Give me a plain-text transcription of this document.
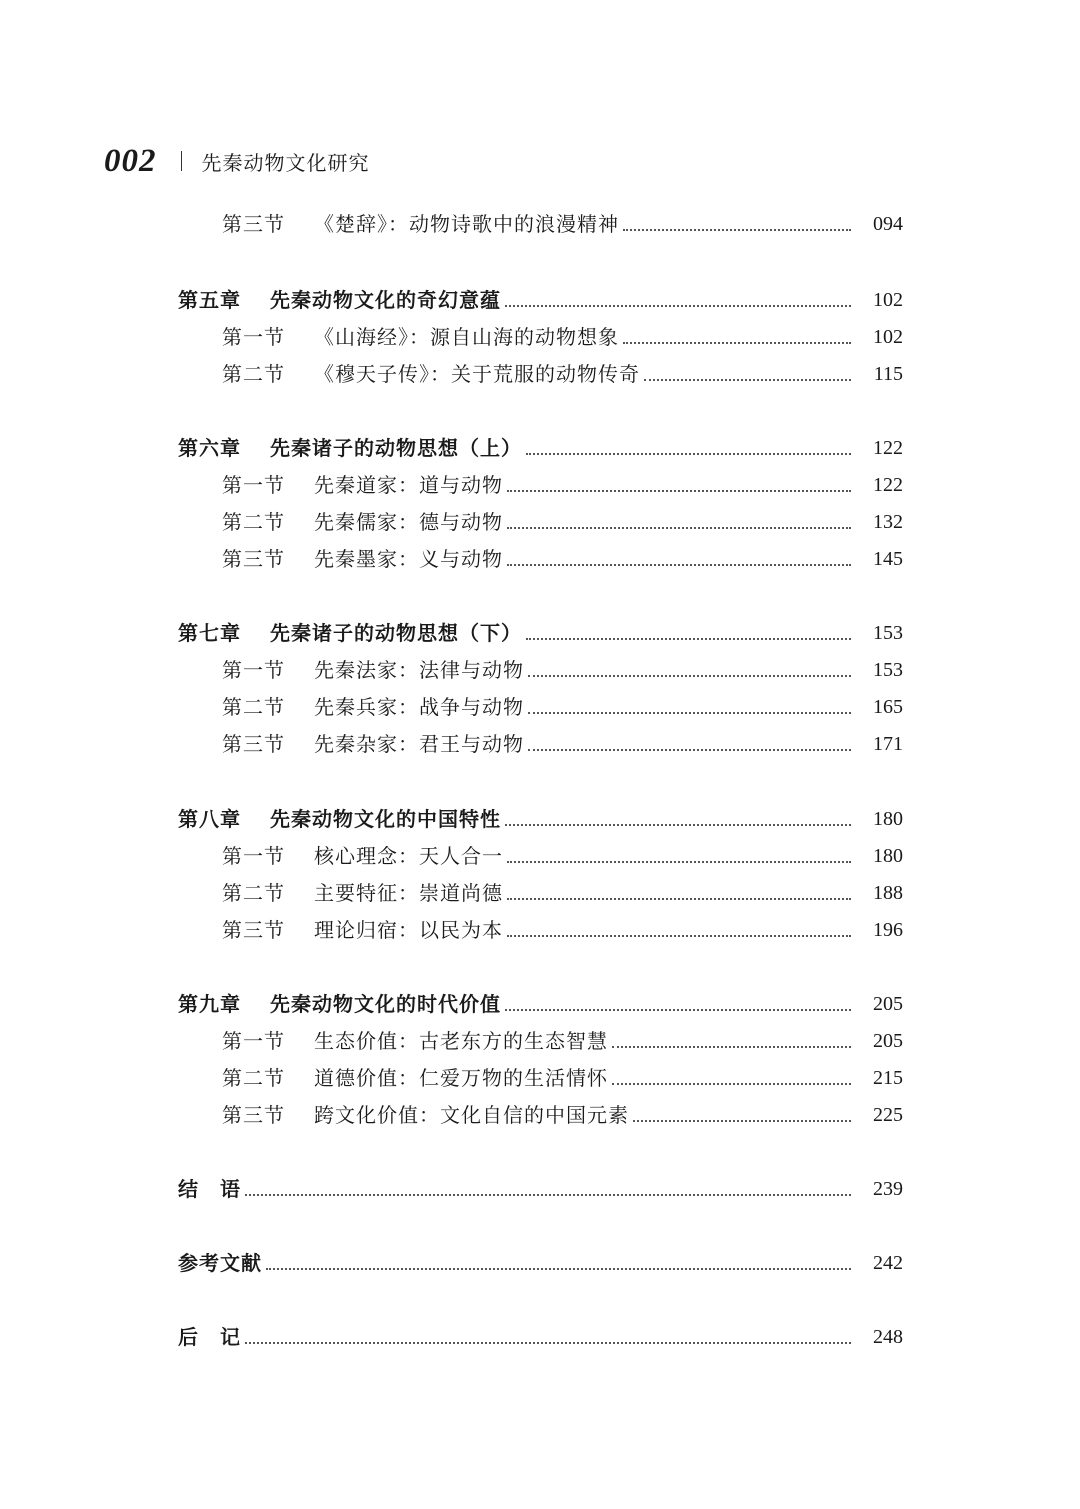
002 先秦动物文化研究
第三节	《楚辞》：动物诗歌中的浪漫精神	094
第五章	先秦动物文化的奇幻意蕴	102
第一节	《山海经》：源自山海的动物想象	102
第二节	《穆天子传》：关于荒服的动物传奇	115
第六章	先秦诸子的动物思想（上）	122
第一节	先秦道家：道与动物	122
第二节	先秦儒家：德与动物	132
第三节	先秦墨家：义与动物	145
第七章	先秦诸子的动物思想（下）	153
第一节	先秦法家：法律与动物	153
第二节	先秦兵家：战争与动物	165
第三节	先秦杂家：君王与动物	171
第八章	先秦动物文化的中国特性	180
第一节	核心理念：天人合一	180
第二节	主要特征：崇道尚德	188
第三节	理论归宿：以民为本	196
第九章	先秦动物文化的时代价值	205
第一节	生态价值：古老东方的生态智慧	205
第二节	道德价值：仁爱万物的生活情怀	215
第三节	跨文化价值：文化自信的中国元素	225
结　语	239
参考文献	242
后　记	248
